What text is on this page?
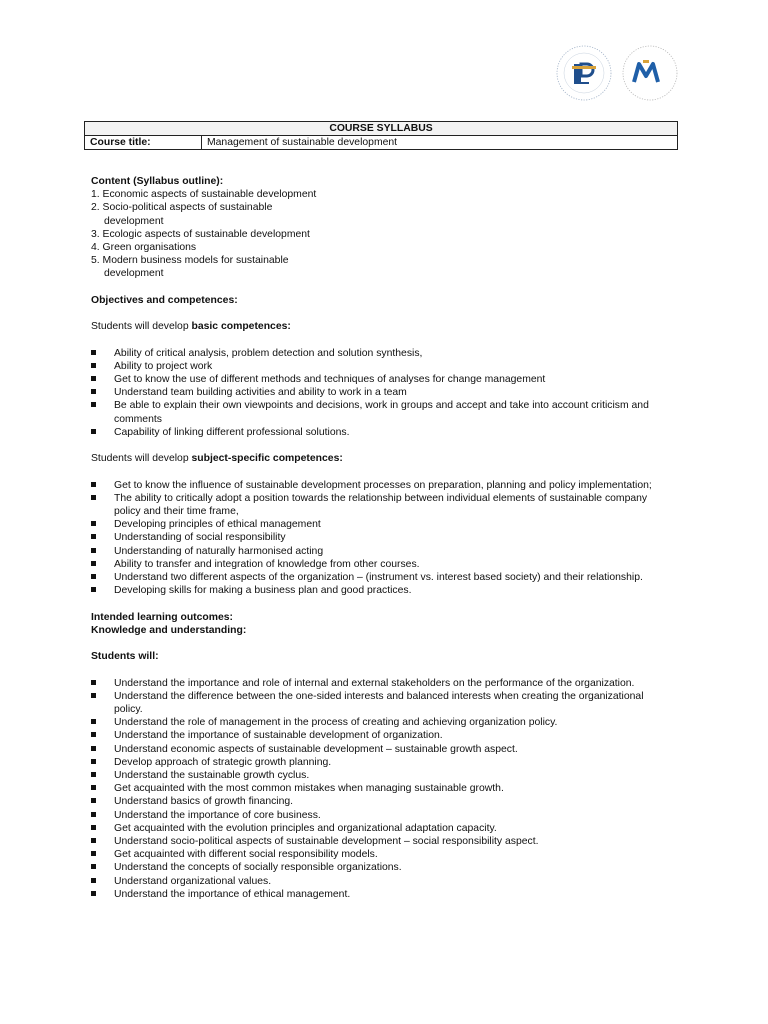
COURSE SYLLABUS
Course title:	Management of sustainable development

Content (Syllabus outline):

1. Economic aspects of sustainable development
2. Socio-political aspects of sustainable
development
3. Ecologic aspects of sustainable development
4. Green organisations
5. Modern business models for sustainable
development

Objectives and competences:

Students will develop basic competences:

Ability of critical analysis, problem detection and solution synthesis,
Ability to project work
Get to know the use of different methods and techniques of analyses for change management
Understand team building activities and ability to work in a team
Be able to explain their own viewpoints and decisions, work in groups and accept and take into account criticism and comments
Capability of linking different professional solutions.

Students will develop subject-specific competences:

Get to know the influence of sustainable development processes on preparation, planning and policy implementation;
The ability to critically adopt a position towards the relationship between individual elements of sustainable company policy and their time frame,
Developing principles of ethical management
Understanding of social responsibility
Understanding of naturally harmonised acting
Ability to transfer and integration of knowledge from other courses.
Understand two different aspects of the organization – (instrument vs. interest based society) and their relationship.
Developing skills for making a business plan and good practices.

Intended learning outcomes:

Knowledge and understanding:

Students will:

Understand the importance and role of internal and external stakeholders on the performance of the organization.
Understand the difference between the one-sided interests and balanced interests when creating the organizational policy.
Understand the role of management in the process of creating and achieving organization policy.
Understand the importance of sustainable development of organization.
Understand economic aspects of sustainable development – sustainable growth aspect.
Develop approach of strategic growth planning.
Understand the sustainable growth cyclus.
Get acquainted with the most common mistakes when managing sustainable growth.
Understand basics of growth financing.
Understand the importance of core business.
Get acquainted with the evolution principles and organizational adaptation capacity.
Understand socio-political aspects of sustainable development – social responsibility aspect.
Get acquainted with different social responsibility models.
Understand the concepts of socially responsible organizations.
Understand organizational values.
Understand the importance of ethical management.
